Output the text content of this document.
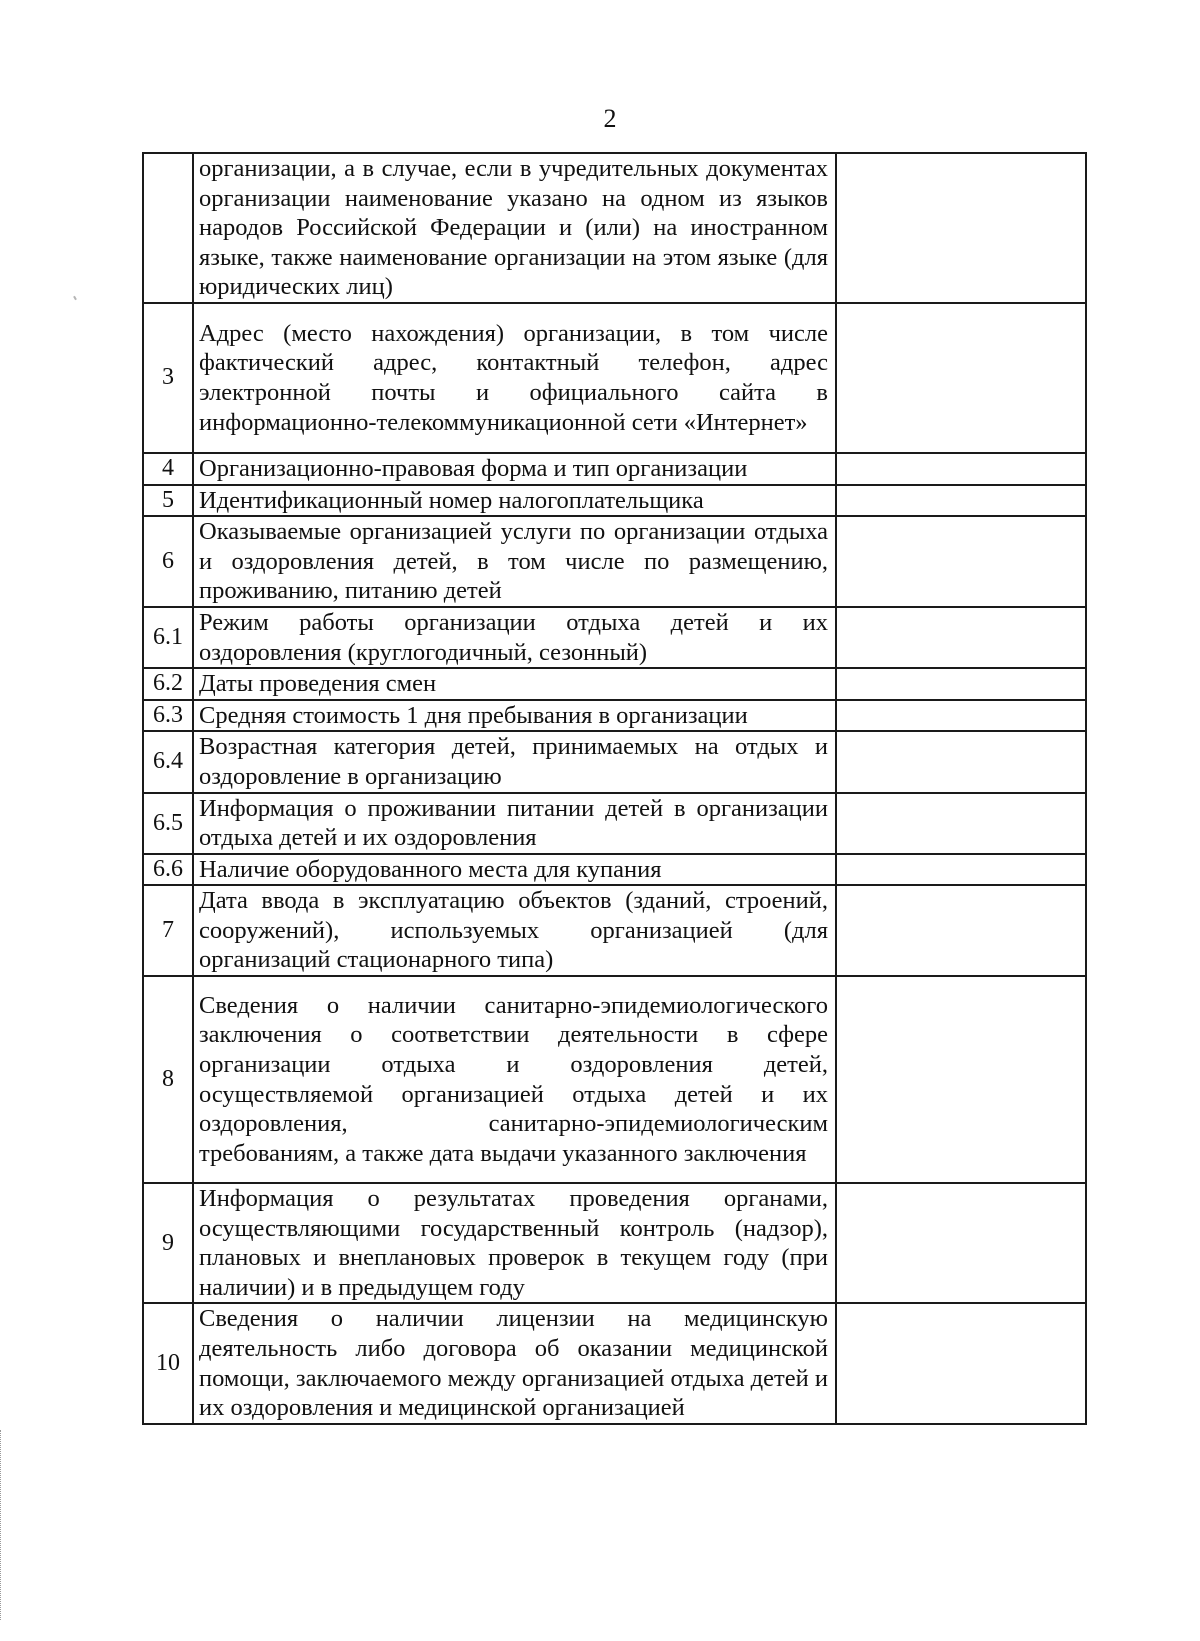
2
	организации, а в случае, если в учредительных документах организации наименование указано на одном из языков народов Российской Федерации и (или) на иностранном языке, также наименование организации на этом языке (для юридических лиц)	
3	Адрес (место нахождения) организации, в том числе фактический адрес, контактный телефон, адрес электронной почты и официального сайта в информационно-телекоммуникационной сети «Интернет»	
4	Организационно-правовая форма и тип организации	
5	Идентификационный номер налогоплательщика	
6	Оказываемые организацией услуги по организации отдыха и оздоровления детей, в том числе по размещению, проживанию, питанию детей	
6.1	Режим работы организации отдыха детей и их оздоровления (круглогодичный, сезонный)	
6.2	Даты проведения смен	
6.3	Средняя стоимость 1 дня пребывания в организации	
6.4	Возрастная категория детей, принимаемых на отдых и оздоровление в организацию	
6.5	Информация о проживании питании детей в организации отдыха детей и их оздоровления	
6.6	Наличие оборудованного места для купания	
7	Дата ввода в эксплуатацию объектов (зданий, строений, сооружений), используемых организацией (для организаций стационарного типа)	
8	Сведения о наличии санитарно-эпидемиологического заключения о соответствии деятельности в сфере организации отдыха и оздоровления детей, осуществляемой организацией отдыха детей и их оздоровления, санитарно-эпидемиологическим требованиям, а также дата выдачи указанного заключения	
9	Информация о результатах проведения органами, осуществляющими государственный контроль (надзор), плановых и внеплановых проверок в текущем году (при наличии) и в предыдущем году	
10	Сведения о наличии лицензии на медицинскую деятельность либо договора об оказании медицинской помощи, заключаемого между организацией отдыха детей и их оздоровления и медицинской организацией	
